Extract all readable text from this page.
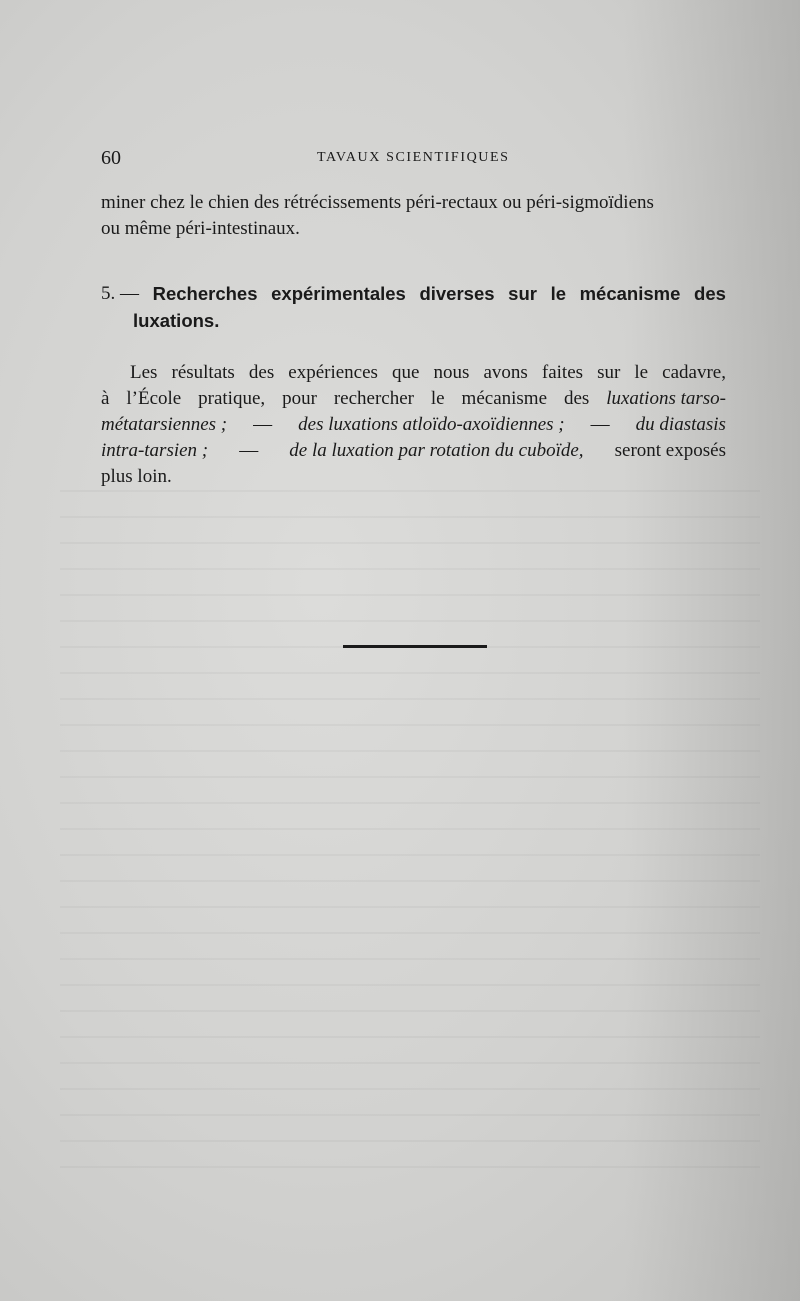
60	TAVAUX SCIENTIFIQUES
miner chez le chien des rétrécissements péri-rectaux ou péri-sigmoïdiens
ou même péri-intestinaux.
5. — Recherches expérimentales diverses sur le mécanisme des
luxations.
Les résultats des expériences que nous avons faites sur le cadavre,
à l’École pratique, pour rechercher le mécanisme des luxations tarso-
métatarsiennes ; — des luxations atloïdo-axoïdiennes ; — du diastasis
intra-tarsien ; — de la luxation par rotation du cuboïde, seront exposés
plus loin.
